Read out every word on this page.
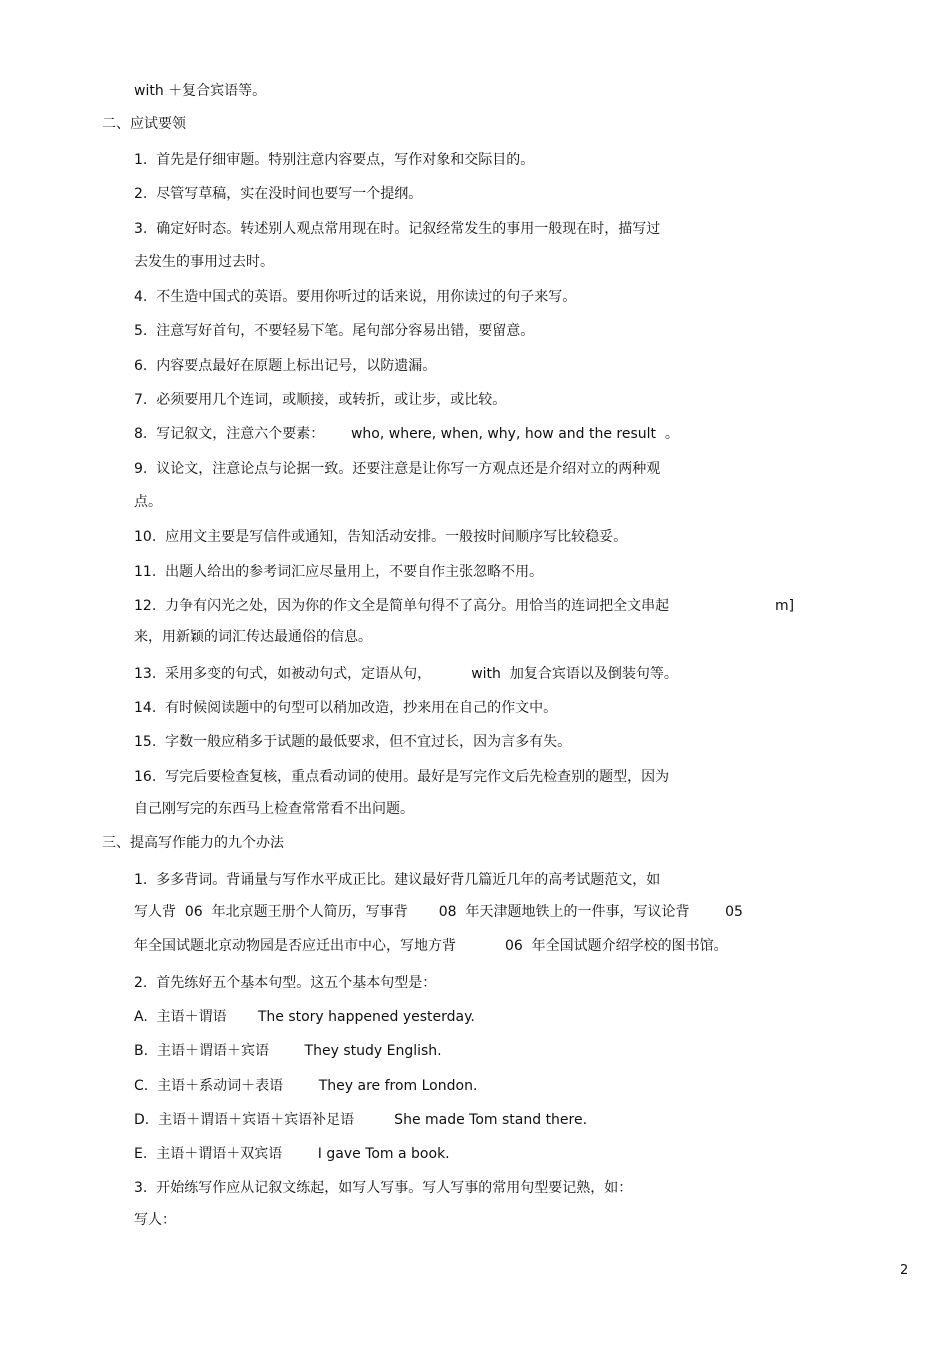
with ＋复合宾语等。
二、应试要领
1.  首先是仔细审题。特别注意内容要点，写作对象和交际目的。
2.  尽管写草稿，实在没时间也要写一个提纲。
3.  确定好时态。转述别人观点常用现在时。记叙经常发生的事用一般现在时，描写过
去发生的事用过去时。
4.  不生造中国式的英语。要用你听过的话来说，用你读过的句子来写。
5.  注意写好首句，不要轻易下笔。尾句部分容易出错，要留意。
6.  内容要点最好在原题上标出记号，以防遗漏。
7.  必须要用几个连词，或顺接，或转折，或让步，或比较。
8.  写记叙文，注意六个要素：      who, where, when, why, how and the result  。
9.  议论文，注意论点与论据一致。还要注意是让你写一方观点还是介绍对立的两种观
点。
10.  应用文主要是写信件或通知，告知活动安排。一般按时间顺序写比较稳妥。
11.  出题人给出的参考词汇应尽量用上，不要自作主张忽略不用。
12.  力争有闪光之处，因为你的作文全是简单句得不了高分。用恰当的连词把全文串起	m]
来，用新颖的词汇传达最通俗的信息。
13.  采用多变的句式，如被动句式，定语从句，         with  加复合宾语以及倒装句等。
14.  有时候阅读题中的句型可以稍加改造，抄来用在自己的作文中。
15.  字数一般应稍多于试题的最低要求，但不宜过长，因为言多有失。
16.  写完后要检查复核，重点看动词的使用。最好是写完作文后先检查别的题型，因为
自己刚写完的东西马上检查常常看不出问题。
三、提高写作能力的九个办法
1.  多多背词。背诵量与写作水平成正比。建议最好背几篇近几年的高考试题范文，如
写人背  06  年北京题王册个人简历，写事背       08  年天津题地铁上的一件事，写议论背        05
年全国试题北京动物园是否应迁出市中心，写地方背           06  年全国试题介绍学校的图书馆。
2.  首先练好五个基本句型。这五个基本句型是：
A.  主语＋谓语       The story happened yesterday.
B.  主语＋谓语＋宾语        They study English.
C.  主语＋系动词＋表语        They are from London.
D.  主语＋谓语＋宾语＋宾语补足语         She made Tom stand there.
E.  主语＋谓语＋双宾语        I gave Tom a book.
3.  开始练写作应从记叙文练起，如写人写事。写人写事的常用句型要记熟，如：
写人：
2
